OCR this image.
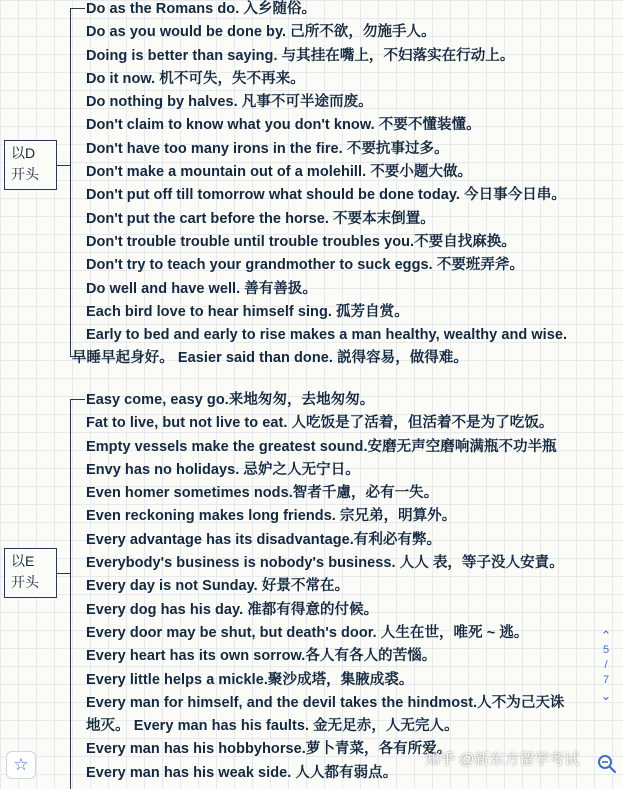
以D
开头
Do as the Romans do. 入乡随俗。
Do as you would be done by. 己所不欲，勿施手人。
Doing is better than saying. 与其挂在嘴上，不妇落实在行动上。
Do it now. 机不可失，失不再来。
Do nothing by halves. 凡事不可半途而废。
Don't claim to know what you don't know. 不要不懂装懂。
Don't have too many irons in the fire. 不要抗事过多。
Don't make a mountain out of a molehill. 不要小题大做。
Don't put off till tomorrow what should be done today. 今日事今日串。
Don't put the cart before the horse. 不要本末倒置。
Don't trouble trouble until trouble troubles you.不要自找麻换。
Don't try to teach your grandmother to suck eggs. 不要班弄斧。
Do well and have well. 善有善扱。
Each bird love to hear himself sing. 孤芳自赏。
Early to bed and early to rise makes a man healthy, wealthy and wise.
早睡早起身好。 Easier said than done. 説得容易，做得难。
以E
开头
Easy come, easy go.来地匆匆，去地匆匆。
Fat to live, but not live to eat. 人吃饭是了活着，但活着不是为了吃饭。
Empty vessels make the greatest sound.安磨无声空磨响满瓶不功半瓶
Envy has no holidays. 忌妒之人无宁日。
Even homer sometimes nods.智者千慮，必有一失。
Even reckoning makes long friends. 宗兄弟，明算外。
Every advantage has its disadvantage.有利必有弊。
Everybody's business is nobody's business. 人人 表，等子没人安責。
Every day is not Sunday. 好景不常在。
Every dog has his day. 准都有得意的付候。
Every door may be shut, but death's door. 人生在世，唯死 ~ 逃。
Every heart has its own sorrow.各人有各人的苦惱。
Every little helps a mickle.聚沙成塔，集腋成裘。
Every man for himself, and the devil takes the hindmost.人不为己天诛
地灭。 Every man has his faults. 金无足赤，人无完人。
Every man has his hobbyhorse.萝卜青菜，各有所爱。
Every man has his weak side. 人人都有弱点。
⌃
5
/
7
⌄
☆	知乎 @新东方留学考试
